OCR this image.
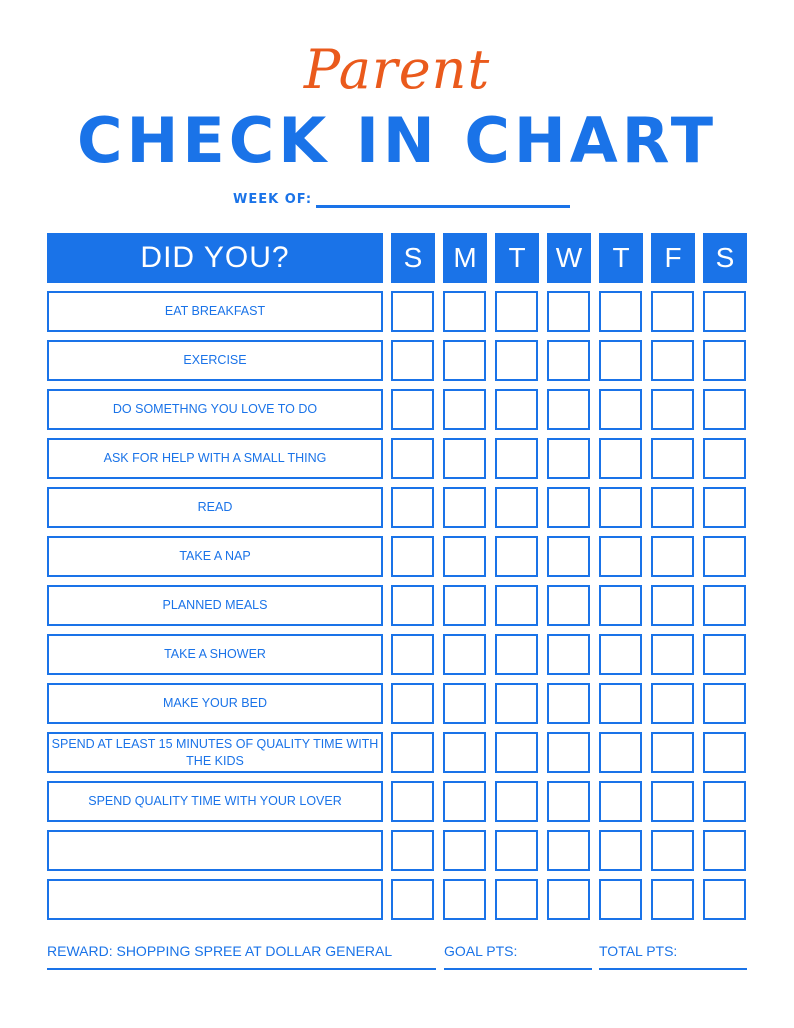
Parent
CHECK IN CHART
WEEK OF:
DID YOU?	S	M	T	W	T	F	S
EAT BREAKFAST
EXERCISE
DO SOMETHNG YOU LOVE TO DO
ASK FOR HELP WITH A SMALL THING
READ
TAKE A NAP
PLANNED MEALS
TAKE A SHOWER
MAKE YOUR BED
SPEND AT LEAST 15 MINUTES OF QUALITY TIME WITH THE KIDS
SPEND QUALITY TIME WITH YOUR LOVER
REWARD: SHOPPING SPREE AT DOLLAR GENERAL	GOAL PTS:	TOTAL PTS:
